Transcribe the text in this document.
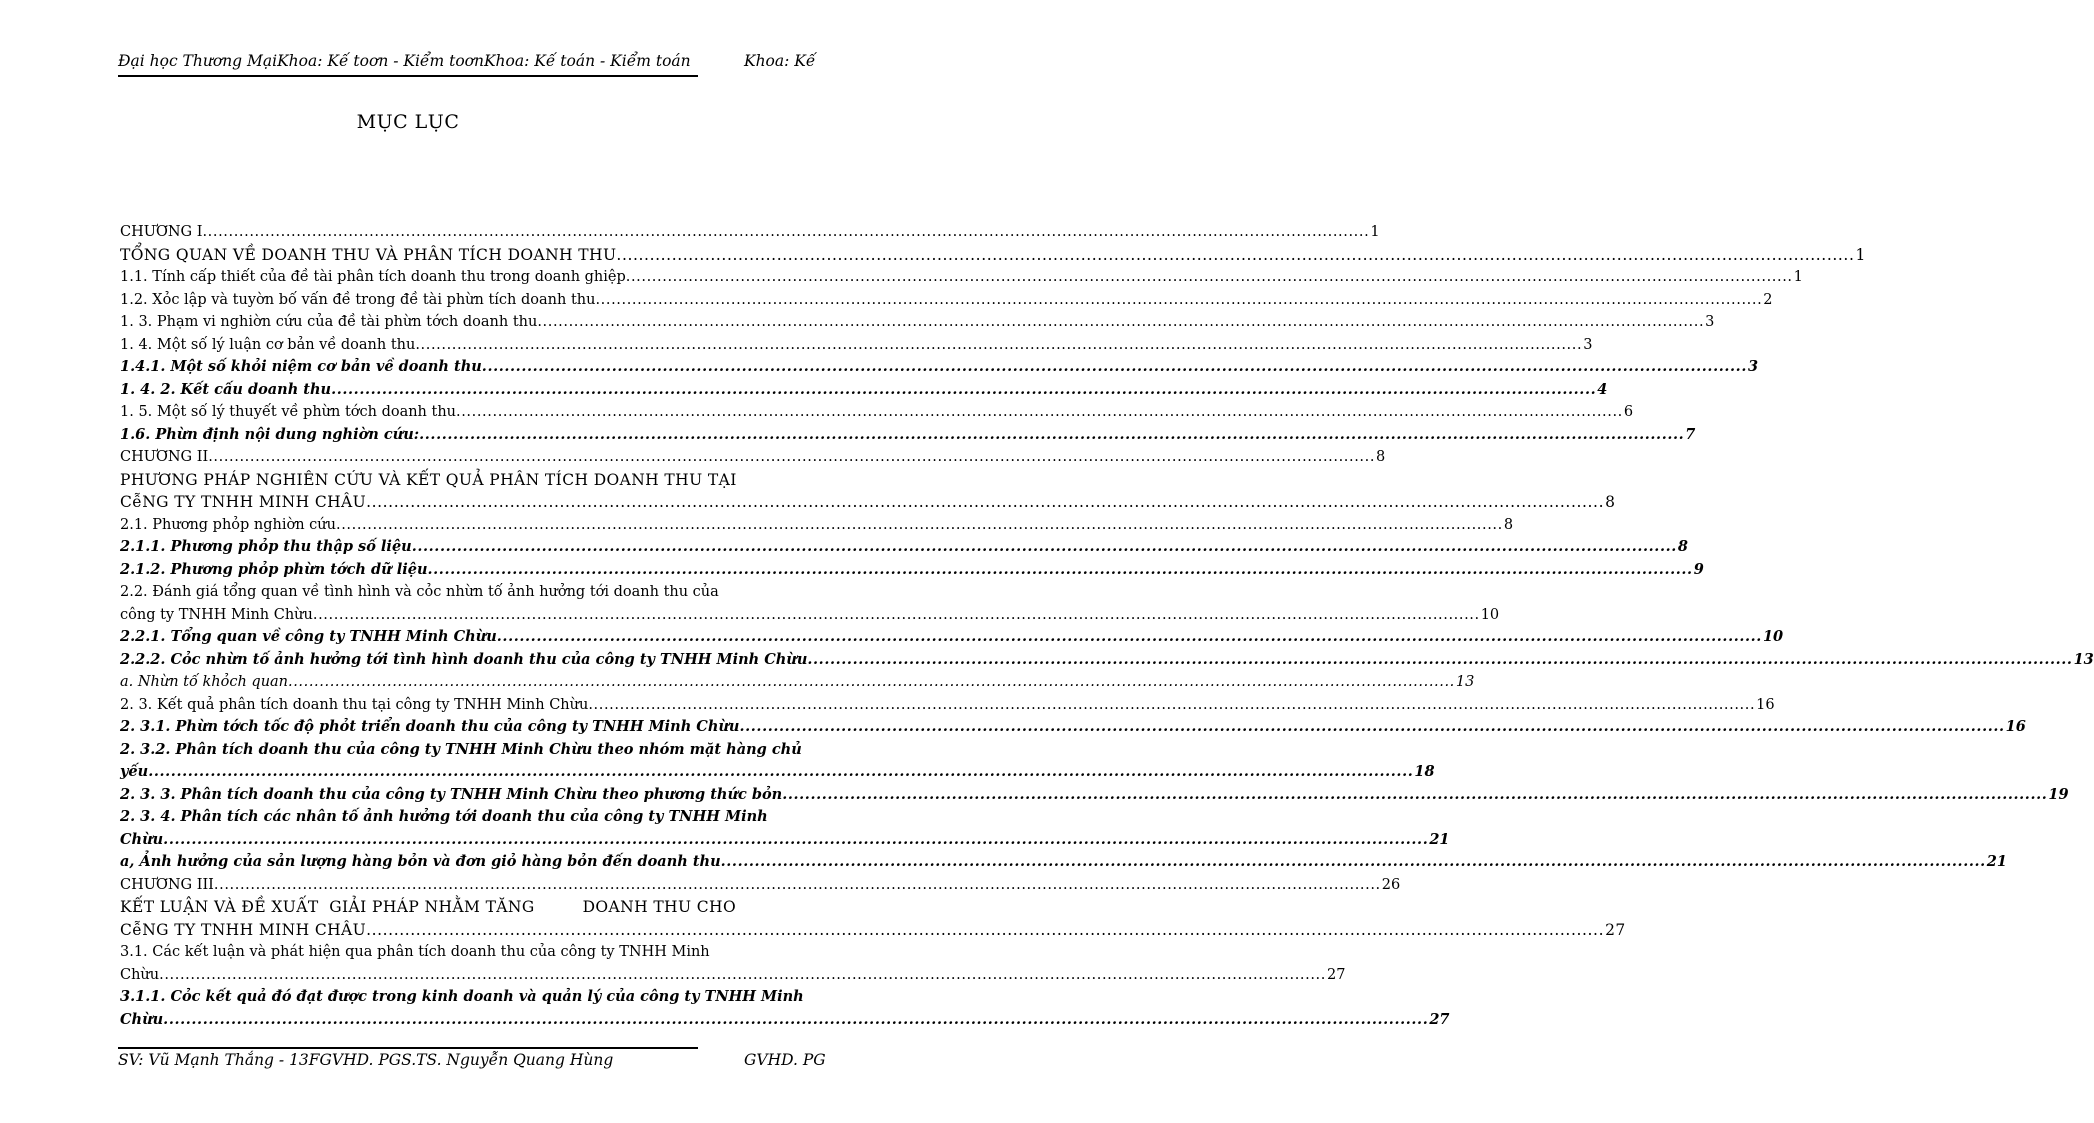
Đại học Thương MạiKhoa: Kế toơn - Kiểm toơnKhoa: Kế toán - Kiểm toán	Khoa: Kế
MỤC LỤC
CHƯƠNG I .....	1
TỔNG QUAN VỀ DOANH THU VÀ PHÂN TÍCH DOANH THU .....	1
1.1. Tính cấp thiết của đề tài phân tích doanh thu trong doanh ghiệp .....	1
1.2. Xỏc lập và tuyờn bố vấn đề trong đề tài phừn tích doanh thu .....	2
1. 3. Phạm vi nghiờn cứu của đề tài phừn tớch doanh thu .....	3
1. 4. Một số lý luận cơ bản về doanh thu .....	3
1.4.1. Một số khỏi niệm cơ bản về doanh thu .....	3
1. 4. 2. Kết cấu doanh thu .....	4
1. 5. Một số lý thuyết về phừn tớch doanh thu .....	6
1.6. Phừn định nội dung nghiờn cứu: .....	7
CHƯƠNG II .....	8
PHƯƠNG PHÁP NGHIÊN CỨU VÀ KẾT QUẢ PHÂN TÍCH DOANH THU TẠI
CễNG TY TNHH MINH CHÂU .....	8
2.1. Phương phỏp nghiờn cứu .....	8
2.1.1. Phương phỏp thu thập số liệu .....	8
2.1.2. Phương phỏp phừn tớch dữ liệu .....	9
2.2. Đánh giá tổng quan về tình hình và cỏc nhừn tố ảnh hưởng tới doanh thu của
công ty TNHH Minh Chừu .....	10
2.2.1. Tổng quan về công ty TNHH Minh Chừu .....	10
2.2.2. Cỏc nhừn tố ảnh hưởng tới tình hình doanh thu của công ty TNHH Minh Chừu .....	13
a. Nhừn tố khỏch quan .....	13
2. 3. Kết quả phân tích doanh thu tại công ty TNHH Minh Chừu .....	16
2. 3.1. Phừn tớch tốc độ phỏt triển doanh thu của công ty TNHH Minh Chừu .....	16
2. 3.2. Phân tích doanh thu của công ty TNHH Minh Chừu theo nhóm mặt hàng chủ
yếu .....	18
2. 3. 3. Phân tích doanh thu của công ty TNHH Minh Chừu theo phương thức bỏn .....	19
2. 3. 4. Phân tích các nhân tố ảnh hưởng tới doanh thu của công ty TNHH Minh
Chừu .....	21
a, Ảnh hưởng của sản lượng hàng bỏn và đơn giỏ hàng bỏn đến doanh thu .....	21
CHƯƠNG III .....	26
KẾT LUẬN VÀ ĐỀ XUẤT  GIẢI PHÁP NHẰM TĂNG         DOANH THU CHO
CễNG TY TNHH MINH CHÂU .....	27
3.1. Các kết luận và phát hiện qua phân tích doanh thu của công ty TNHH Minh
Chừu .....	27
3.1.1. Cỏc kết quả đó đạt được trong kinh doanh và quản lý của công ty TNHH Minh
Chừu .....	27
SV: Vũ Mạnh Thắng - 13FGVHD. PGS.TS. Nguyễn Quang Hùng	GVHD. PG
